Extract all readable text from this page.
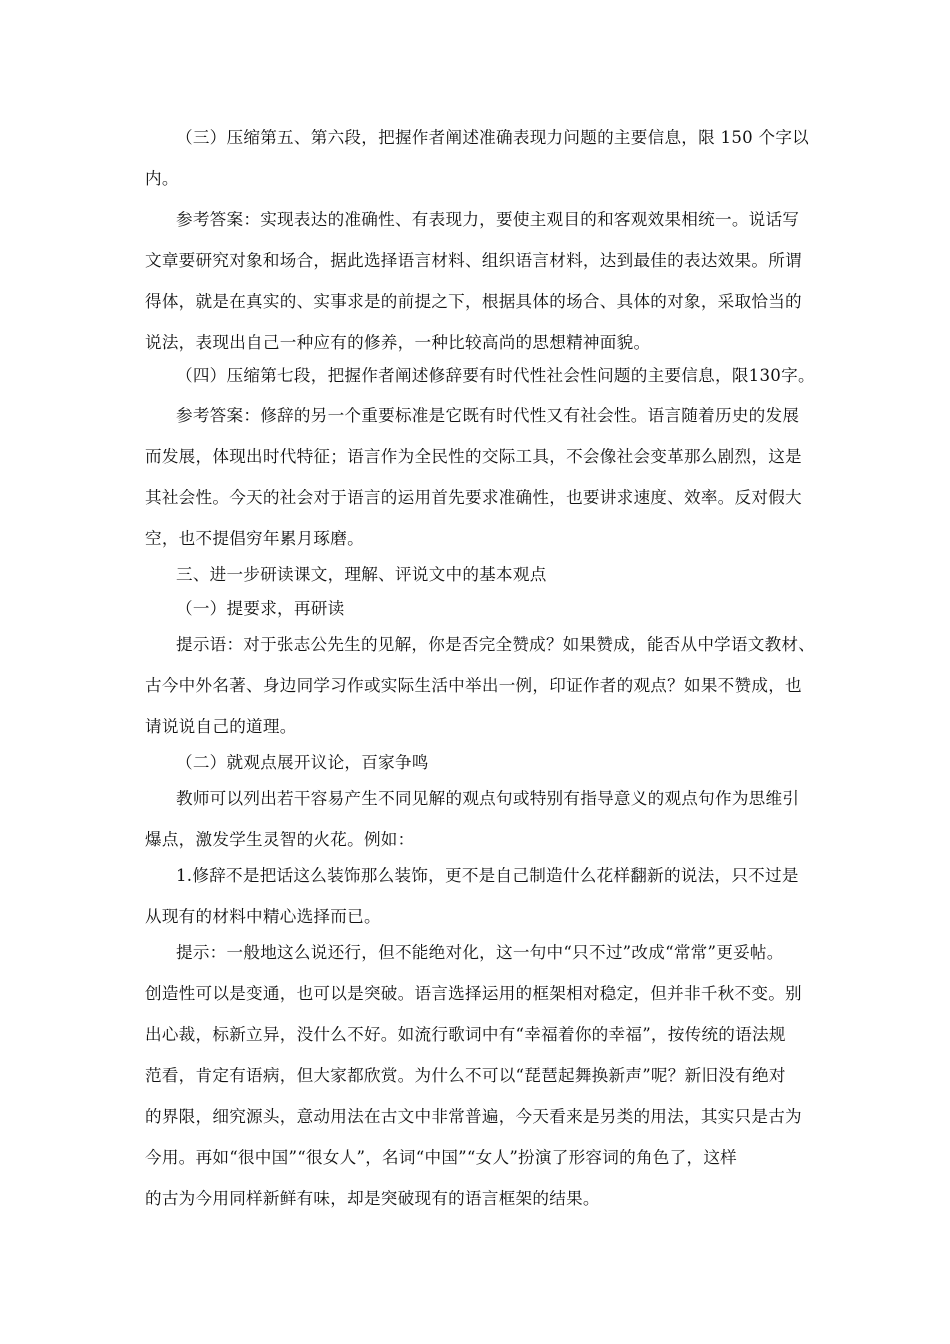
（三）压缩第五、第六段，把握作者阐述准确表现力问题的主要信息，限 150 个字以
内。
参考答案：实现表达的准确性、有表现力，要使主观目的和客观效果相统一。说话写
文章要研究对象和场合，据此选择语言材料、组织语言材料，达到最佳的表达效果。所谓
得体，就是在真实的、实事求是的前提之下，根据具体的场合、具体的对象，采取恰当的
说法，表现出自己一种应有的修养，一种比较高尚的思想精神面貌。
（四）压缩第七段，把握作者阐述修辞要有时代性社会性问题的主要信息，限130字。
参考答案：修辞的另一个重要标准是它既有时代性又有社会性。语言随着历史的发展
而发展，体现出时代特征；语言作为全民性的交际工具，不会像社会变革那么剧烈，这是
其社会性。今天的社会对于语言的运用首先要求准确性，也要讲求速度、效率。反对假大
空，也不提倡穷年累月琢磨。
三、进一步研读课文，理解、评说文中的基本观点
（一）提要求，再研读
提示语：对于张志公先生的见解，你是否完全赞成？如果赞成，能否从中学语文教材、
古今中外名著、身边同学习作或实际生活中举出一例，印证作者的观点？如果不赞成，也
请说说自己的道理。
（二）就观点展开议论，百家争鸣
教师可以列出若干容易产生不同见解的观点句或特别有指导意义的观点句作为思维引
爆点，激发学生灵智的火花。例如：
1.修辞不是把话这么装饰那么装饰，更不是自己制造什么花样翻新的说法，只不过是
从现有的材料中精心选择而已。
提示：一般地这么说还行，但不能绝对化，这一句中“只不过”改成“常常”更妥帖。
创造性可以是变通，也可以是突破。语言选择运用的框架相对稳定，但并非千秋不变。别
出心裁，标新立异，没什么不好。如流行歌词中有“幸福着你的幸福”，按传统的语法规
范看，肯定有语病，但大家都欣赏。为什么不可以“琵琶起舞换新声”呢？新旧没有绝对
的界限，细究源头，意动用法在古文中非常普遍，今天看来是另类的用法，其实只是古为
今用。再如“很中国”“很女人”，名词“中国”“女人”扮演了形容词的角色了，这样
的古为今用同样新鲜有味，却是突破现有的语言框架的结果。
